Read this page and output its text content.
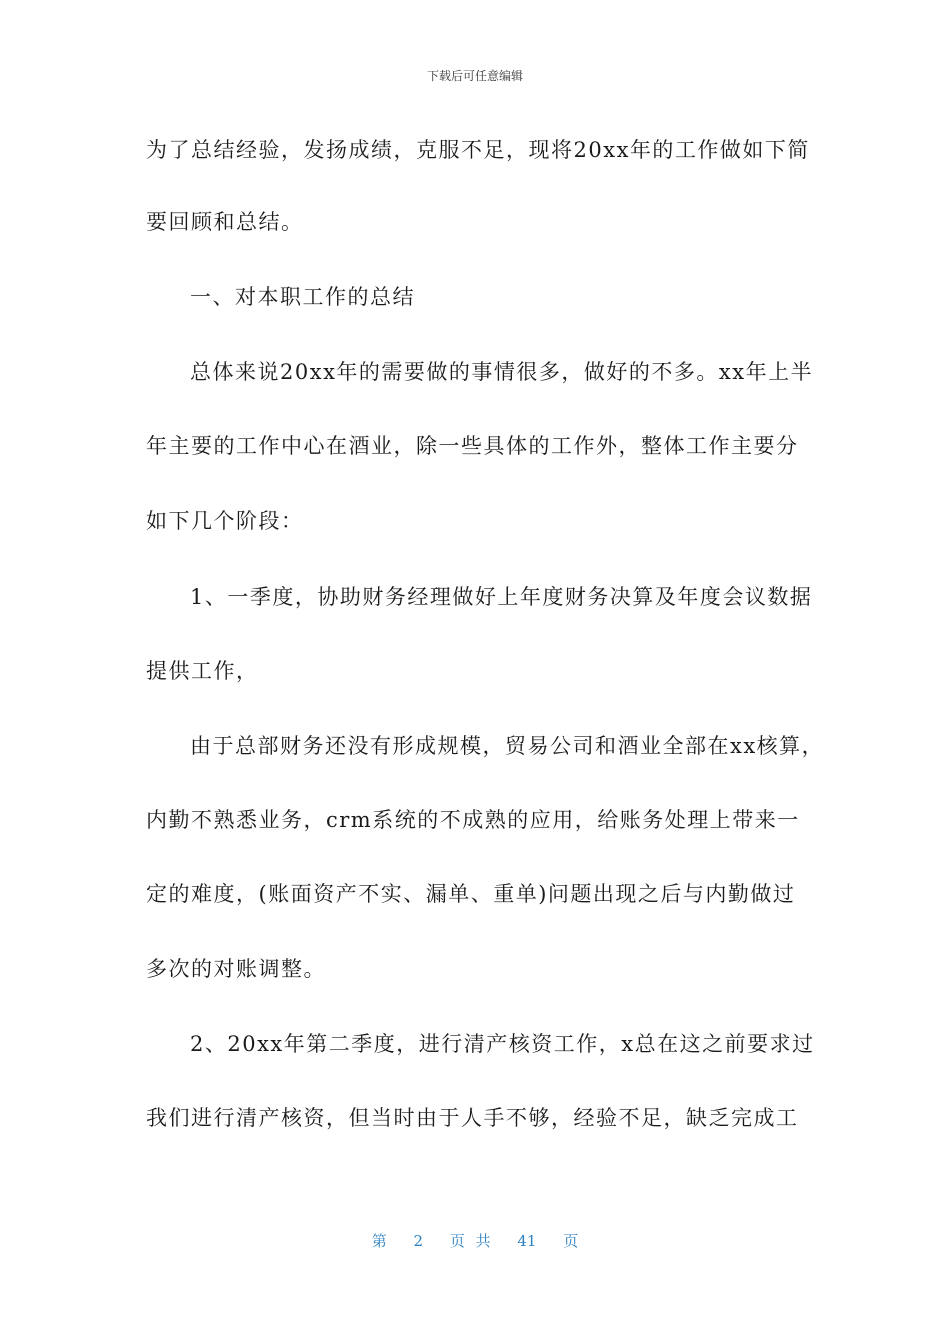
下载后可任意编辑
为了总结经验，发扬成绩，克服不足，现将20xx年的工作做如下简
要回顾和总结。
一、对本职工作的总结
总体来说20xx年的需要做的事情很多，做好的不多。xx年上半
年主要的工作中心在酒业，除一些具体的工作外，整体工作主要分
如下几个阶段：
1、一季度，协助财务经理做好上年度财务决算及年度会议数据
提供工作，
由于总部财务还没有形成规模，贸易公司和酒业全部在xx核算，
内勤不熟悉业务，crm系统的不成熟的应用，给账务处理上带来一
定的难度，(账面资产不实、漏单、重单)问题出现之后与内勤做过
多次的对账调整。
2、20xx年第二季度，进行清产核资工作，x总在这之前要求过
我们进行清产核资，但当时由于人手不够，经验不足，缺乏完成工
第 2 页 共 41 页
